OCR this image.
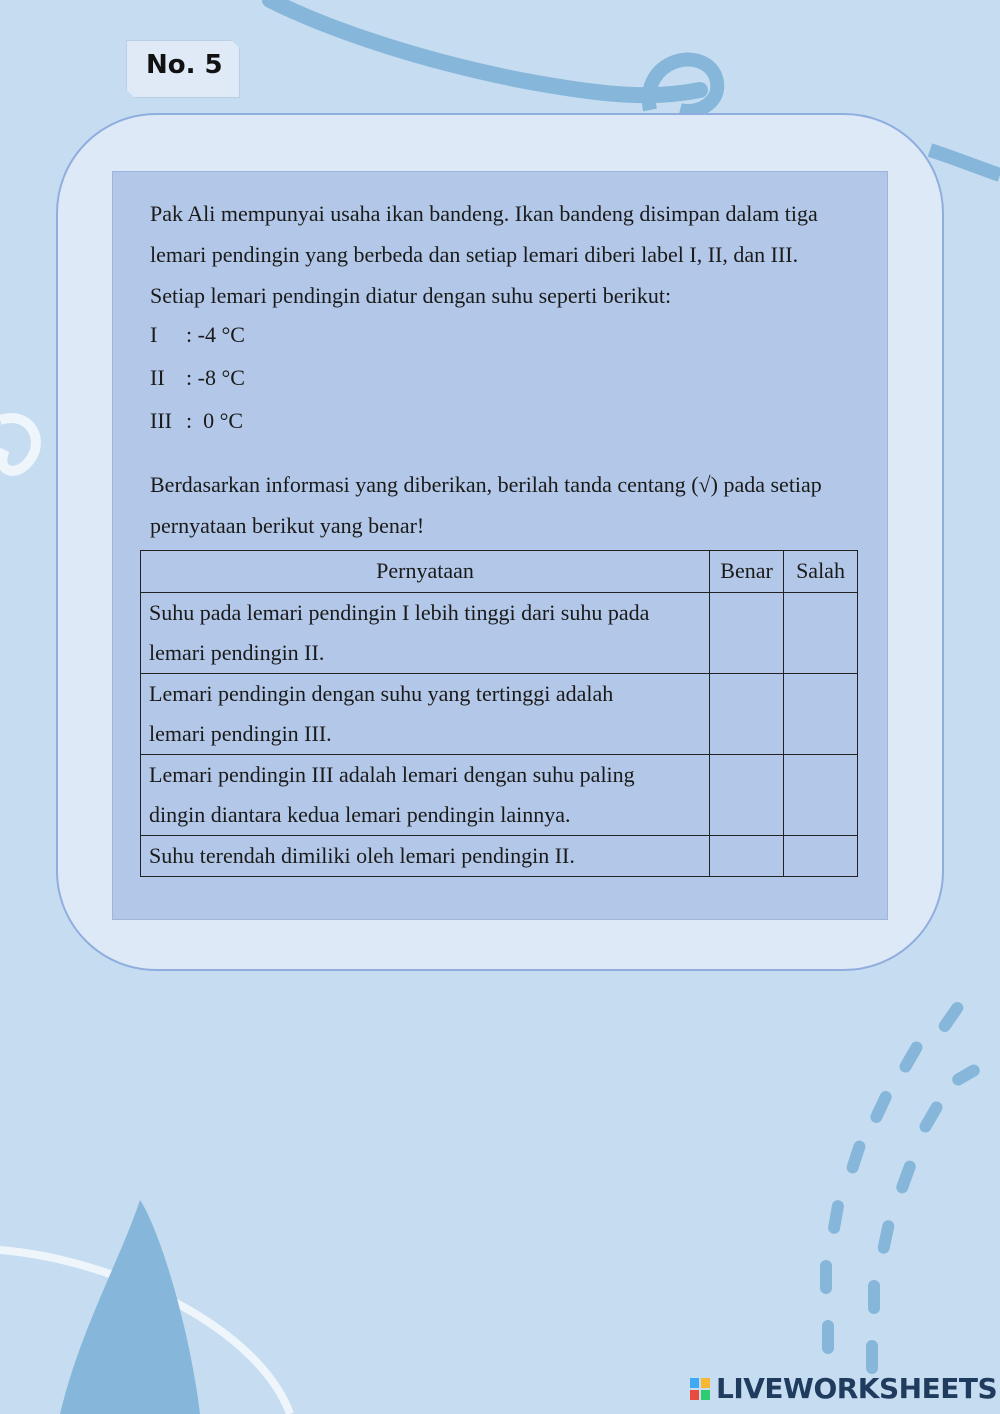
No. 5
Pak Ali mempunyai usaha ikan bandeng. Ikan bandeng disimpan dalam tiga
lemari pendingin yang berbeda dan setiap lemari diberi label I, II, dan III.
Setiap lemari pendingin diatur dengan suhu seperti berikut:
I : -4 °C
II : -8 °C
III :  0 °C
Berdasarkan informasi yang diberikan, berilah tanda centang (√) pada setiap
pernyataan berikut yang benar!
Pernyataan	Benar	Salah

Suhu pada lemari pendingin I lebih tinggi dari suhu pada
lemari pendingin II.		

Lemari pendingin dengan suhu yang tertinggi adalah
lemari pendingin III.		

Lemari pendingin III adalah lemari dengan suhu paling
dingin diantara kedua lemari pendingin lainnya.		

Suhu terendah dimiliki oleh lemari pendingin II.		

LIVEWORKSHEETS
